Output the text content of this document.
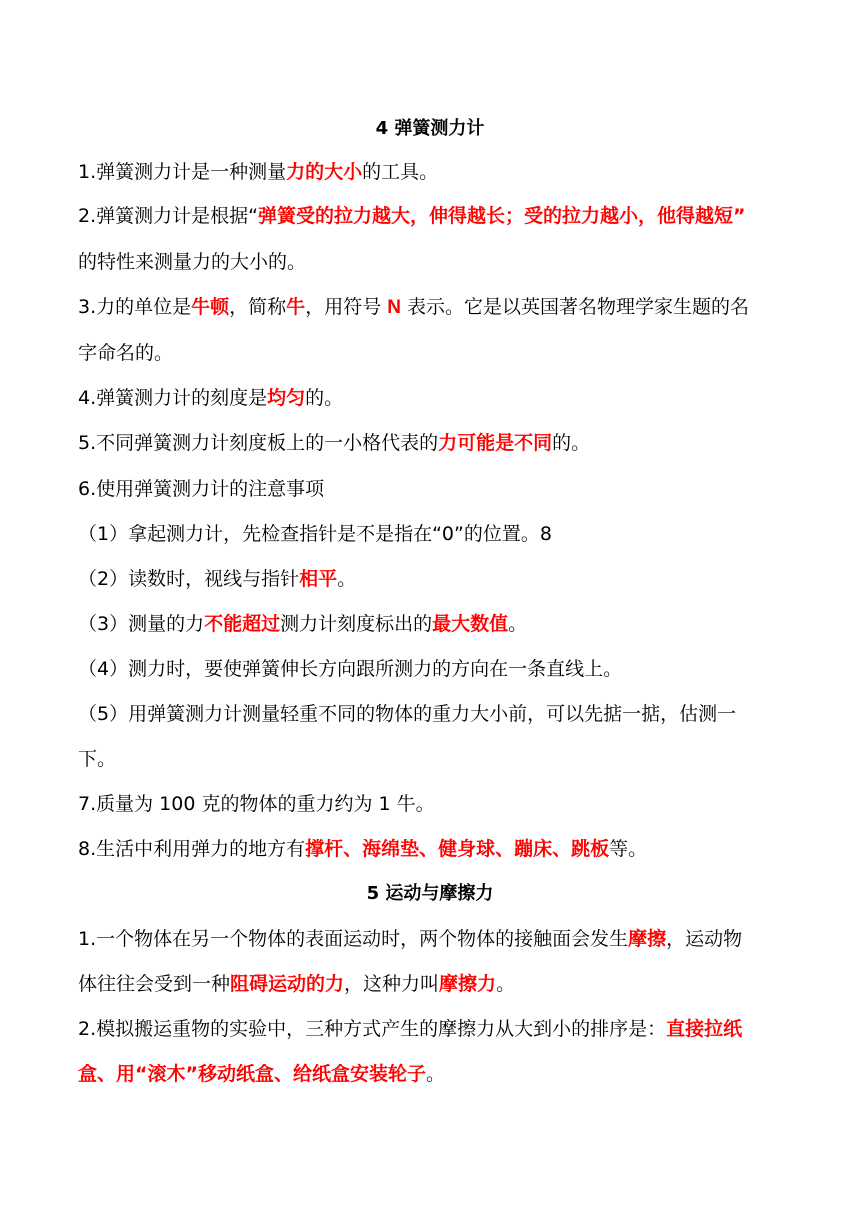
4 弹簧测力计
1.弹簧测力计是一种测量力的大小的工具。
2.弹簧测力计是根据“弹簧受的拉力越大，伸得越长；受的拉力越小，他得越短”
的特性来测量力的大小的。
3.力的单位是牛顿，简称牛，用符号 N 表示。它是以英国著名物理学家生题的名
字命名的。
4.弹簧测力计的刻度是均匀的。
5.不同弹簧测力计刻度板上的一小格代表的力可能是不同的。
6.使用弹簧测力计的注意事项
（1）拿起测力计，先检查指针是不是指在“0”的位置。8
（2）读数时，视线与指针相平。
（3）测量的力不能超过测力计刻度标出的最大数值。
（4）测力时，要使弹簧伸长方向跟所测力的方向在一条直线上。
（5）用弹簧测力计测量轻重不同的物体的重力大小前，可以先掂一掂，估测一
下。
7.质量为 100 克的物体的重力约为 1 牛。
8.生活中利用弹力的地方有撑杆、海绵垫、健身球、蹦床、跳板等。
5 运动与摩擦力
1.一个物体在另一个物体的表面运动时，两个物体的接触面会发生摩擦，运动物
体往往会受到一种阻碍运动的力，这种力叫摩擦力。
2.模拟搬运重物的实验中，三种方式产生的摩擦力从大到小的排序是：直接拉纸
盒、用“滚木”移动纸盒、给纸盒安装轮子。
